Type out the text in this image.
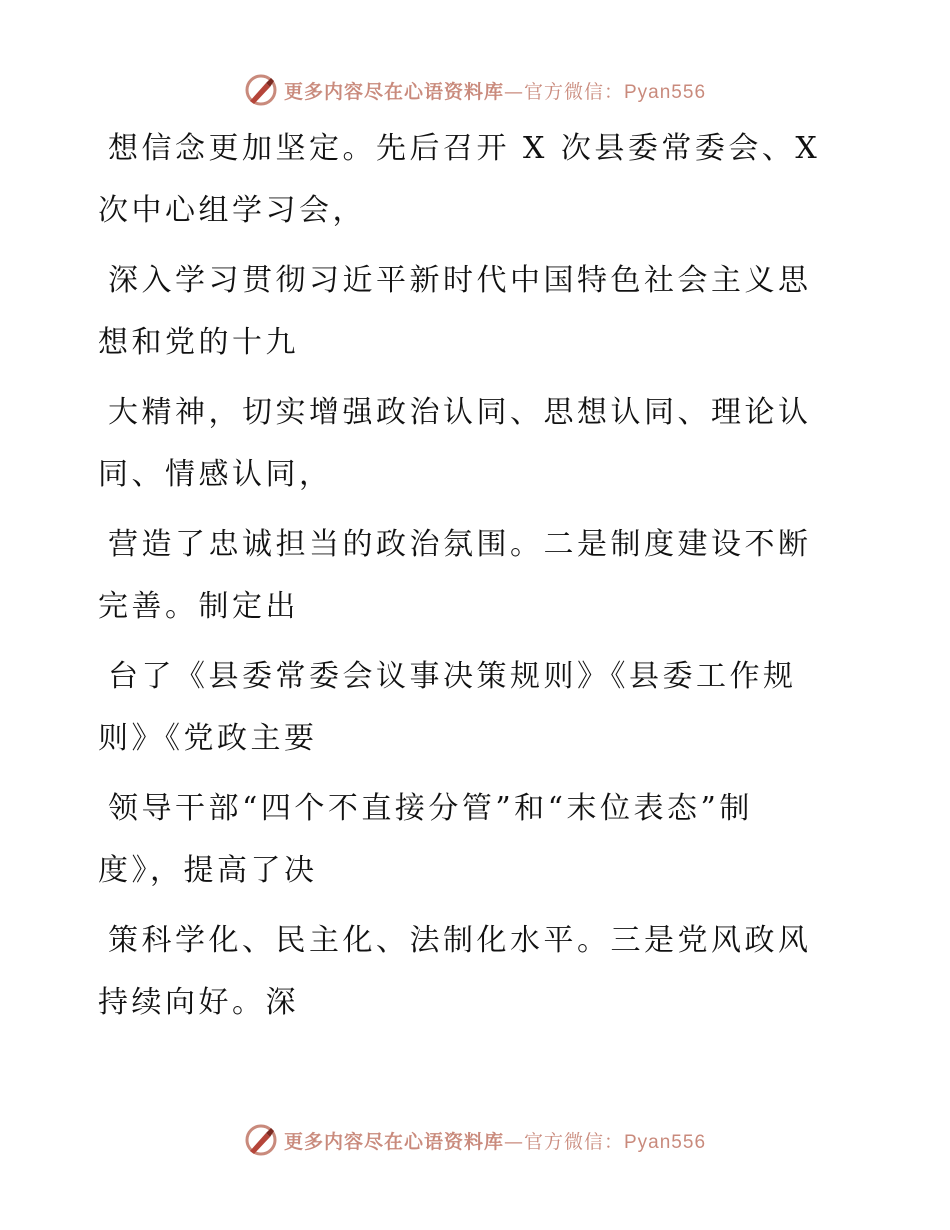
更多内容尽在心语资料库—官方微信：Pyan556

想信念更加坚定。先后召开 X 次县委常委会、X 次中心组学习会，

深入学习贯彻习近平新时代中国特色社会主义思想和党的十九

大精神，切实增强政治认同、思想认同、理论认同、情感认同，

营造了忠诚担当的政治氛围。二是制度建设不断完善。制定出

台了《县委常委会议事决策规则》《县委工作规则》《党政主要

领导干部“四个不直接分管”和“末位表态”制度》，提高了决

策科学化、民主化、法制化水平。三是党风政风持续向好。深

更多内容尽在心语资料库—官方微信：Pyan556
